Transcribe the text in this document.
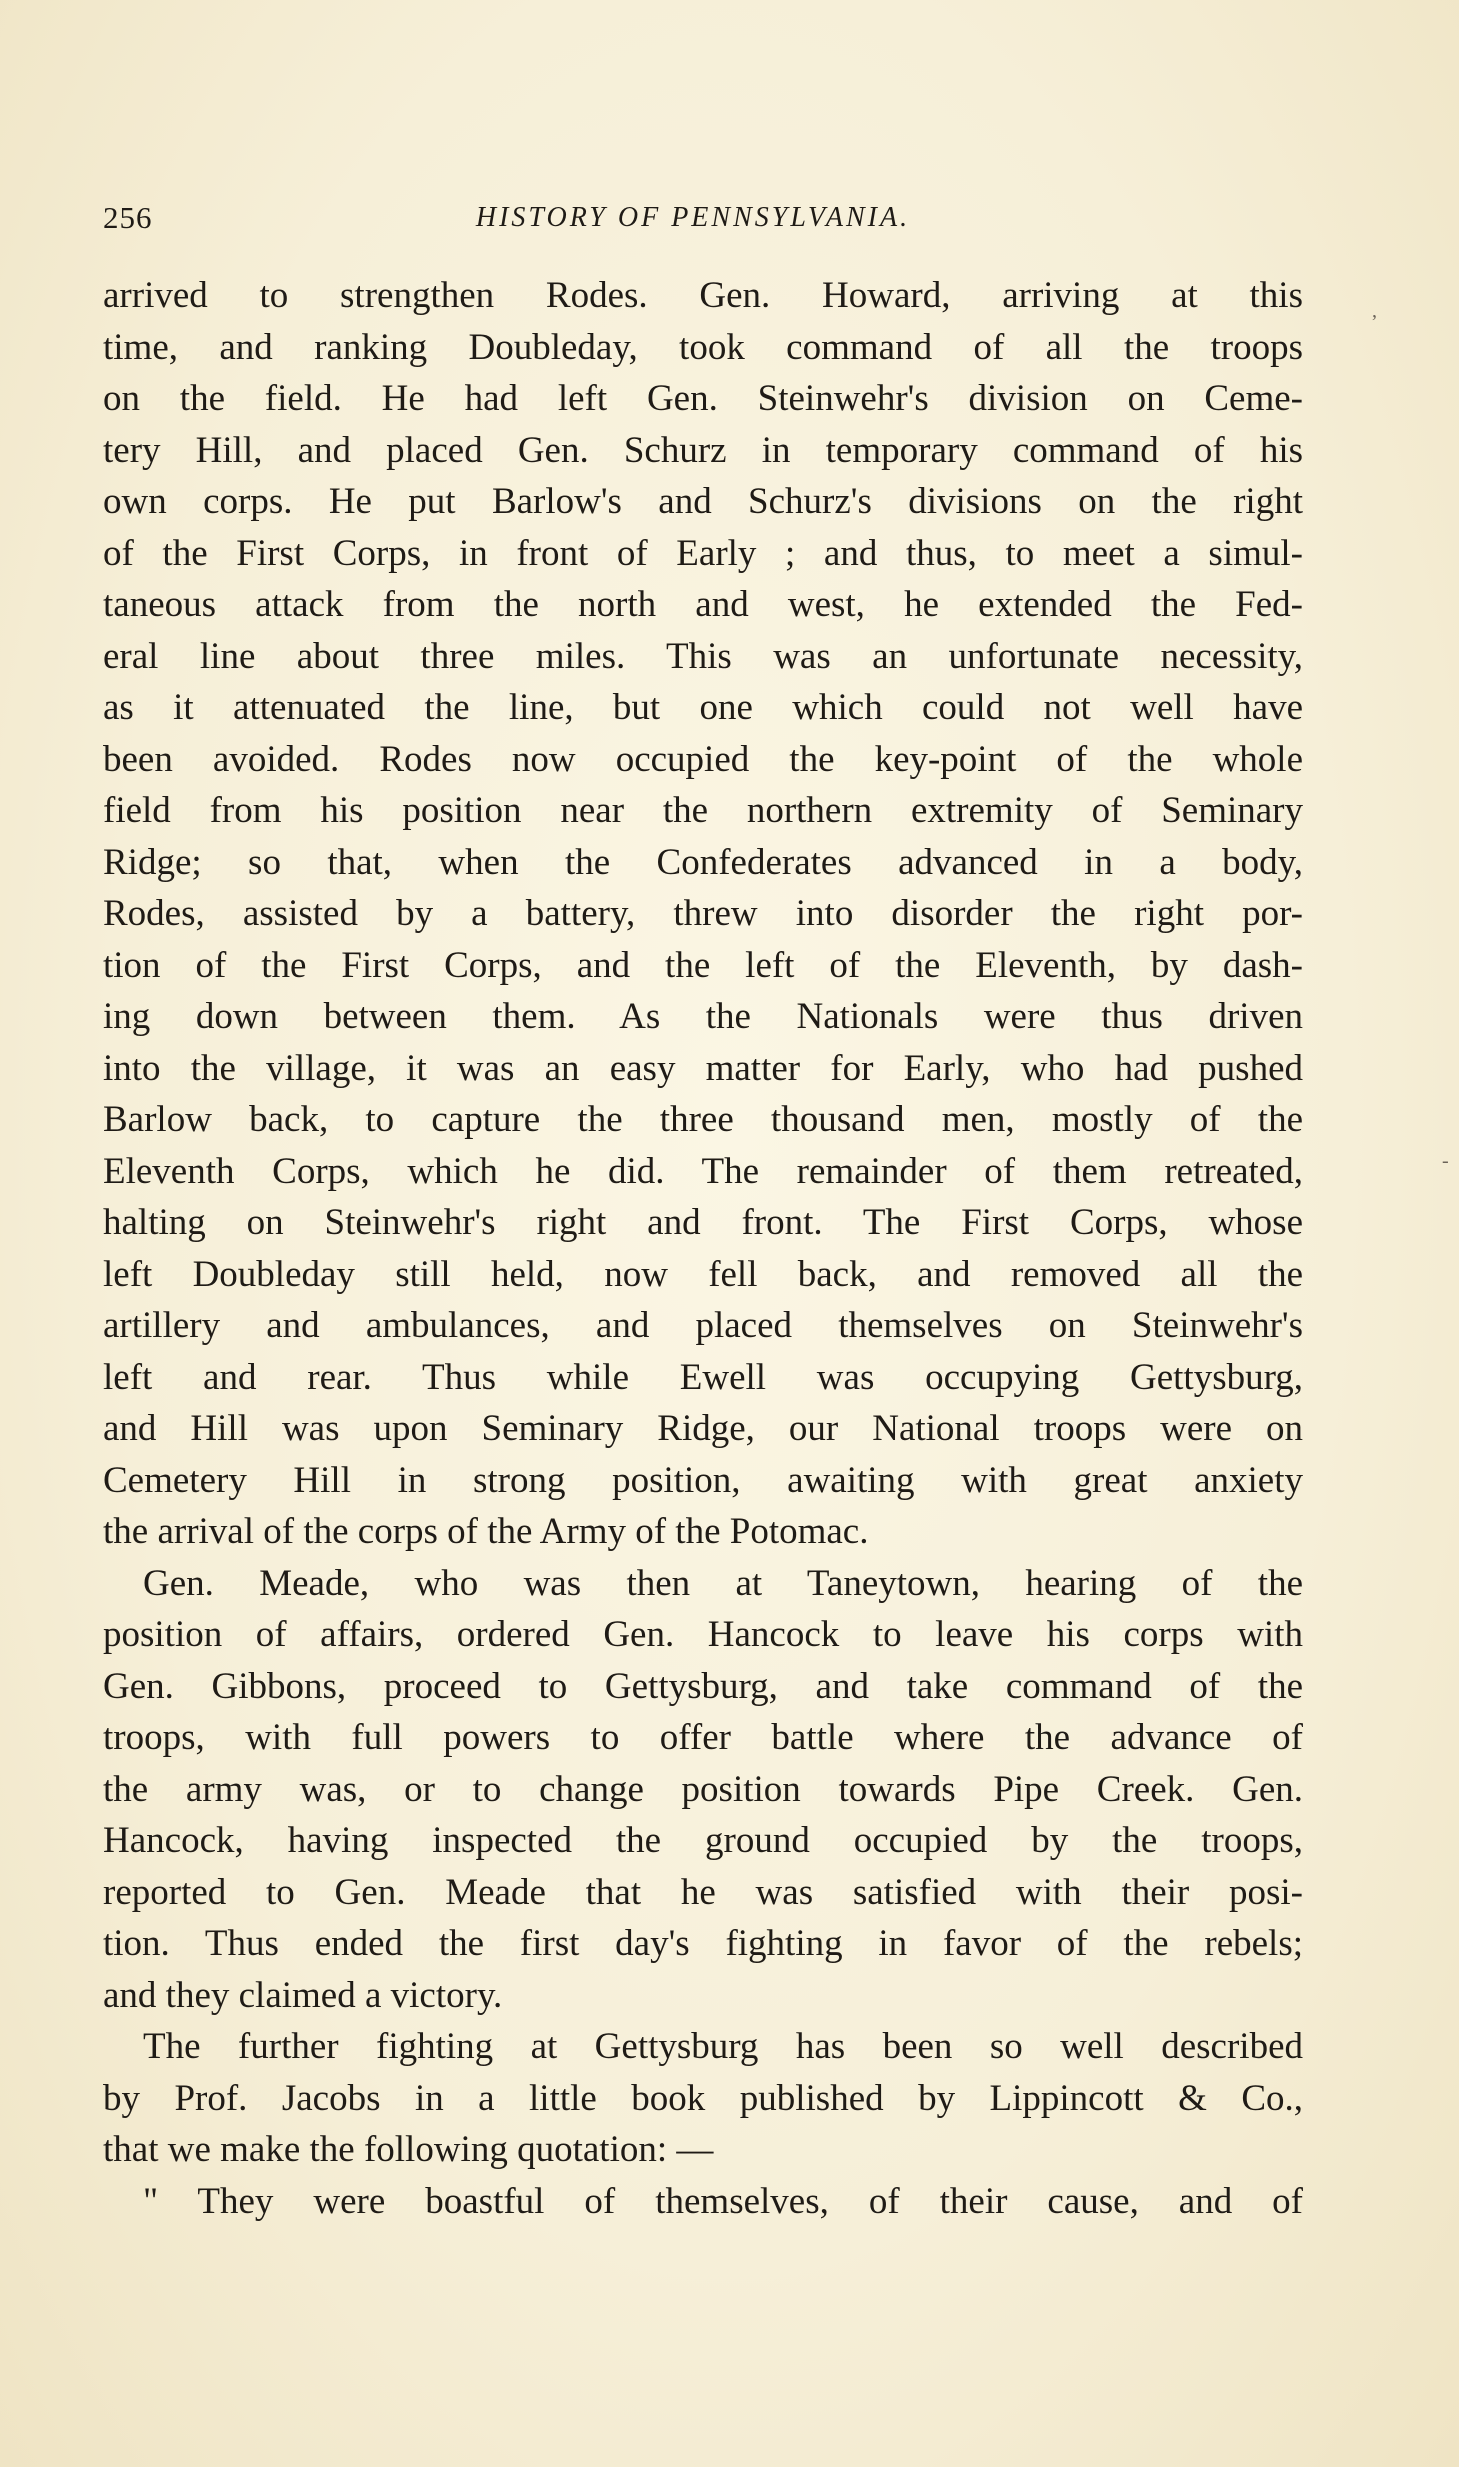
256	HISTORY OF PENNSYLVANIA.
arrived to strengthen Rodes. Gen. Howard, arriving at this
time, and ranking Doubleday, took command of all the troops
on the field. He had left Gen. Steinwehr's division on Ceme-
tery Hill, and placed Gen. Schurz in temporary command of his
own corps. He put Barlow's and Schurz's divisions on the right
of the First Corps, in front of Early ; and thus, to meet a simul-
taneous attack from the north and west, he extended the Fed-
eral line about three miles. This was an unfortunate necessity,
as it attenuated the line, but one which could not well have
been avoided. Rodes now occupied the key-point of the whole
field from his position near the northern extremity of Seminary
Ridge; so that, when the Confederates advanced in a body,
Rodes, assisted by a battery, threw into disorder the right por-
tion of the First Corps, and the left of the Eleventh, by dash-
ing down between them. As the Nationals were thus driven
into the village, it was an easy matter for Early, who had pushed
Barlow back, to capture the three thousand men, mostly of the
Eleventh Corps, which he did. The remainder of them retreated,
halting on Steinwehr's right and front. The First Corps, whose
left Doubleday still held, now fell back, and removed all the
artillery and ambulances, and placed themselves on Steinwehr's
left and rear. Thus while Ewell was occupying Gettysburg,
and Hill was upon Seminary Ridge, our National troops were on
Cemetery Hill in strong position, awaiting with great anxiety
the arrival of the corps of the Army of the Potomac.
Gen. Meade, who was then at Taneytown, hearing of the
position of affairs, ordered Gen. Hancock to leave his corps with
Gen. Gibbons, proceed to Gettysburg, and take command of the
troops, with full powers to offer battle where the advance of
the army was, or to change position towards Pipe Creek. Gen.
Hancock, having inspected the ground occupied by the troops,
reported to Gen. Meade that he was satisfied with their posi-
tion. Thus ended the first day's fighting in favor of the rebels;
and they claimed a victory.
The further fighting at Gettysburg has been so well described
by Prof. Jacobs in a little book published by Lippincott & Co.,
that we make the following quotation: —
" They were boastful of themselves, of their cause, and of
,
-
